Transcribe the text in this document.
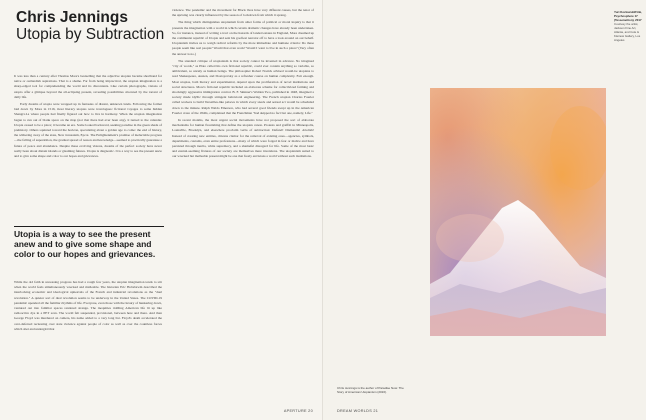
Chris Jennings
Utopia by Subtraction

It was less than a century after Thomas More's bestselling that the adjective utopian became shorthand for naive or outlandish aspirations. That is a shame. Far from being impractical, the utopian imagination is a sharp-edged tool for comprehending the world and its discontents. Like certain photographs, visions of utopia offer a glimpse beyond the all-eclipsing present, revealing possibilities obscured by the torrent of daily life.

Early dreams of utopia were wrapped up in fantasies of distant, unknown lands. Following the format laid down by More in 1516, most literary utopias were travelogues: fictional voyages to some hidden Shangri-La where people had finally figured out how to live in harmony. When the utopian imagination began to run out of blank space on the map (not that there had ever been any), it turned to the calendar. Utopia ceased to be a place; it became an era. Some looked backward, seeking paradise in the green shade of prehistory. Others squinted toward the horizon, speculating about a golden age to come: the end of history, the withering away of the state, New Jerusalem, Epcot. The Enlightenment's promise of ineluctable progress—the falling of superstition, the gradual spread of reason and knowledge—seemed to practically guarantee a future of peace and abundance. Despite these evolving visions, dreams of the perfect society have never really been about distant islands or gleaming futures. Utopia is diagnostic. It is a way to see the present anew and to give some shape and color to our hopes and grievances.

Utopia is a way to see the present anew and to give some shape and color to our hopes and grievances.

While the old faith in unceasing progress has had a rough few years, the utopian imagination tends to stir when the world feels simultaneously wrecked and malleable. The historian Eric Hobsbawm described the interlocking economic and ideological upheavals of the French and industrial revolutions as the "dual revolution." A quieter sort of dual revolution seems to be underway in the United States. The COVID-19 pandemic upended all the familiar rhythms of life. Everyone, even those with the luxury of hunkering down, ventured out into familiar spaces rendered strange. The inequities riddling American life lit up like radioactive dye in a PET scan. The world felt suspended, provisional, between here and there. And then George Floyd was murdered on camera, his name added to a very long list. Floyd's death accelerated the over-deferred reckoning over state violence against people of color as well as over the countless forces which abet and undergird that

violence. The pandemic and the movement for Black lives have very different causes, but the tenor of the uprising was clearly influenced by the season of lockdown from which it sprang.

The thing which distinguishes utopianism from other forms of political or moral inquiry is that it presents the imagination with a world in which certain dramatic changes have already been undertaken. So, for instance, instead of writing a tract on the hazards of landed estates in England, More dreamed up the communist republic of Utopia and sent his goofiest narrator off to have a look around on our behalf. Utopianism invites us to weigh radical reforms by the more immediate and humane criteria: Do these people seem like real people? Would that even work? Would I want to live in such a place? (Very often the answer is no.)

The standard critique of utopianism is that society cannot be invented in advance. No imagined "city of words," as Plato called his own fictional republic, could ever contain anything so variable, so ambivalent, so unruly as human beings. The philosopher Robert Nozick advised would-be utopians to read Shakespeare, Austen, and Dostoyevsky as a refresher course on human complexity. Fair enough. Most utopias, both literary and experimental, depend upon the proliferation of novel institutions and social structures. More's fictional republic included an elaborate scheme for collectivized farming and shockingly aggressive immigration control. B. F. Skinner's Walden Two, published in 1948, imagined a society made idyllic through stringent behavioral engineering. The French utopian Charles Fourier called workers to build Versailles-like palaces in which every snack and sexual act would be scheduled down to the minute. Ralph Waldo Emerson, who had several good friends swept up in the American Fourier craze of the 1840s, complained that the Frenchman "had skipped no fact but one, namely, Life."

In recent months, the most urgent social movements have not proposed the sort of elaborate mechanisms for human flourishing that define the utopian canon. Protests and graffiti in Minneapolis, Louisville, Brooklyn, and elsewhere proclaim verbs of subtraction: Defund! Dismantle! Abolish! Instead of creating new entities, citizens clamor for the removal of existing ones—agencies, symbols, departments, customs, even entire professions—many of which were forged in fear or malice and have persisted through inertia, white supremacy, and a shameful disregard for life. Some of the most basic and eternal-seeming fixtures of our society are themselves mere inventions. The utopianism suited to our wrecked but malleable present might be one that freely envisions a world without such institutions.

APERTURE 20
Yuri Kozlowski/Fink, Psychosphere 17 (Tesseraction), 2017
Courtesy the artist, Jackson Fine Art, Atlanta, and Cole & Kleinow Gallery, Los Angeles
Chris Jennings is the author of Paradise Now: The Story of American Utopianism (2016).
DREAM WORLDS 21
